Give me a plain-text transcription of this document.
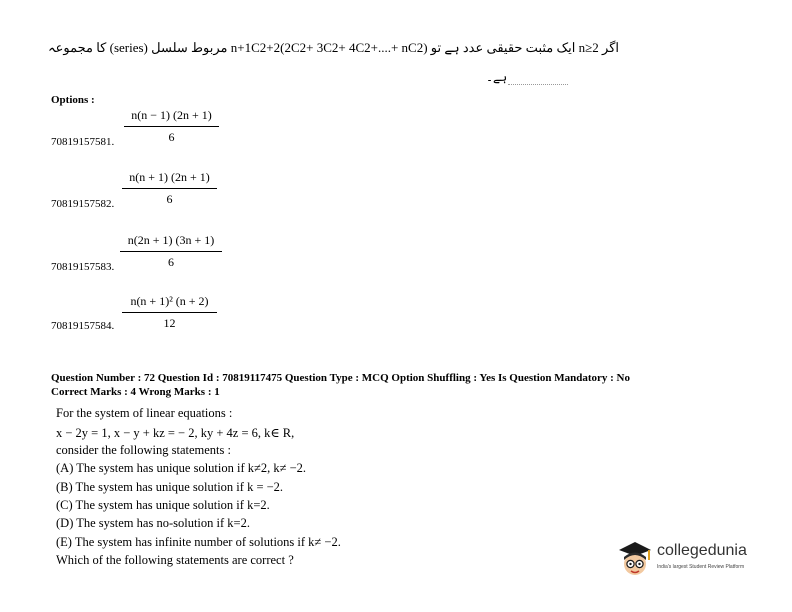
کا مجموعہ (series) مربوط سلسل n+1C2+2(2C2+ 3C2+ 4C2+....+ nC2) ایک مثبت حقیقی عدد ہے تو n≥2 اگر
ہے۔
Options :
n(n − 1) (2n + 1)
6
70819157581.
n(n + 1) (2n + 1)
6
70819157582.
n(2n + 1) (3n + 1)
6
70819157583.
n(n + 1)² (n + 2)
12
70819157584.
Question Number : 72 Question Id : 70819117475 Question Type : MCQ Option Shuffling : Yes Is Question Mandatory : No
Correct Marks : 4 Wrong Marks : 1
For the system of linear equations :
x − 2y = 1, x − y + kz = − 2, ky + 4z = 6, k∈ R,
consider the following statements :
(A) The system has unique solution if k≠2, k≠ −2.
(B) The system has unique solution if k = −2.
(C) The system has unique solution if k=2.
(D) The system has no-solution if k=2.
(E) The system has infinite number of solutions if k≠ −2.
Which of the following statements are correct ?
collegedunia
India's largest Student Review Platform
